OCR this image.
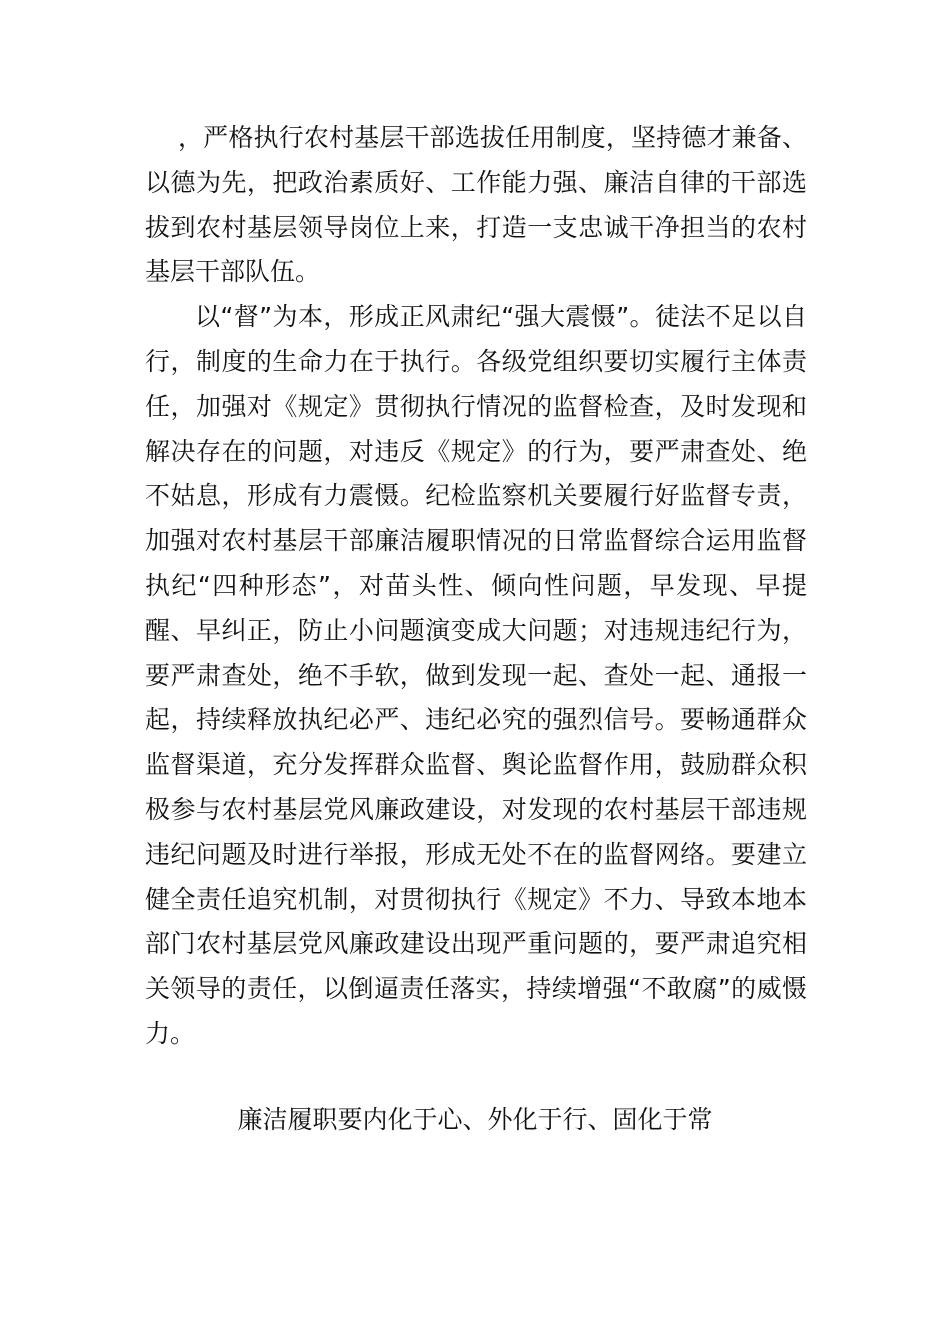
，严格执行农村基层干部选拔任用制度，坚持德才兼备、以德为先，把政治素质好、工作能力强、廉洁自律的干部选拔到农村基层领导岗位上来，打造一支忠诚干净担当的农村基层干部队伍。

以“督”为本，形成正风肃纪“强大震慑”。徒法不足以自行，制度的生命力在于执行。各级党组织要切实履行主体责任，加强对《规定》贯彻执行情况的监督检查，及时发现和解决存在的问题，对违反《规定》的行为，要严肃查处、绝不姑息，形成有力震慑。纪检监察机关要履行好监督专责，加强对农村基层干部廉洁履职情况的日常监督综合运用监督执纪“四种形态”，对苗头性、倾向性问题，早发现、早提醒、早纠正，防止小问题演变成大问题；对违规违纪行为，要严肃查处，绝不手软，做到发现一起、查处一起、通报一起，持续释放执纪必严、违纪必究的强烈信号。要畅通群众监督渠道，充分发挥群众监督、舆论监督作用，鼓励群众积极参与农村基层党风廉政建设，对发现的农村基层干部违规违纪问题及时进行举报，形成无处不在的监督网络。要建立健全责任追究机制，对贯彻执行《规定》不力、导致本地本部门农村基层党风廉政建设出现严重问题的，要严肃追究相关领导的责任，以倒逼责任落实，持续增强“不敢腐”的威慑力。

廉洁履职要内化于心、外化于行、固化于常
